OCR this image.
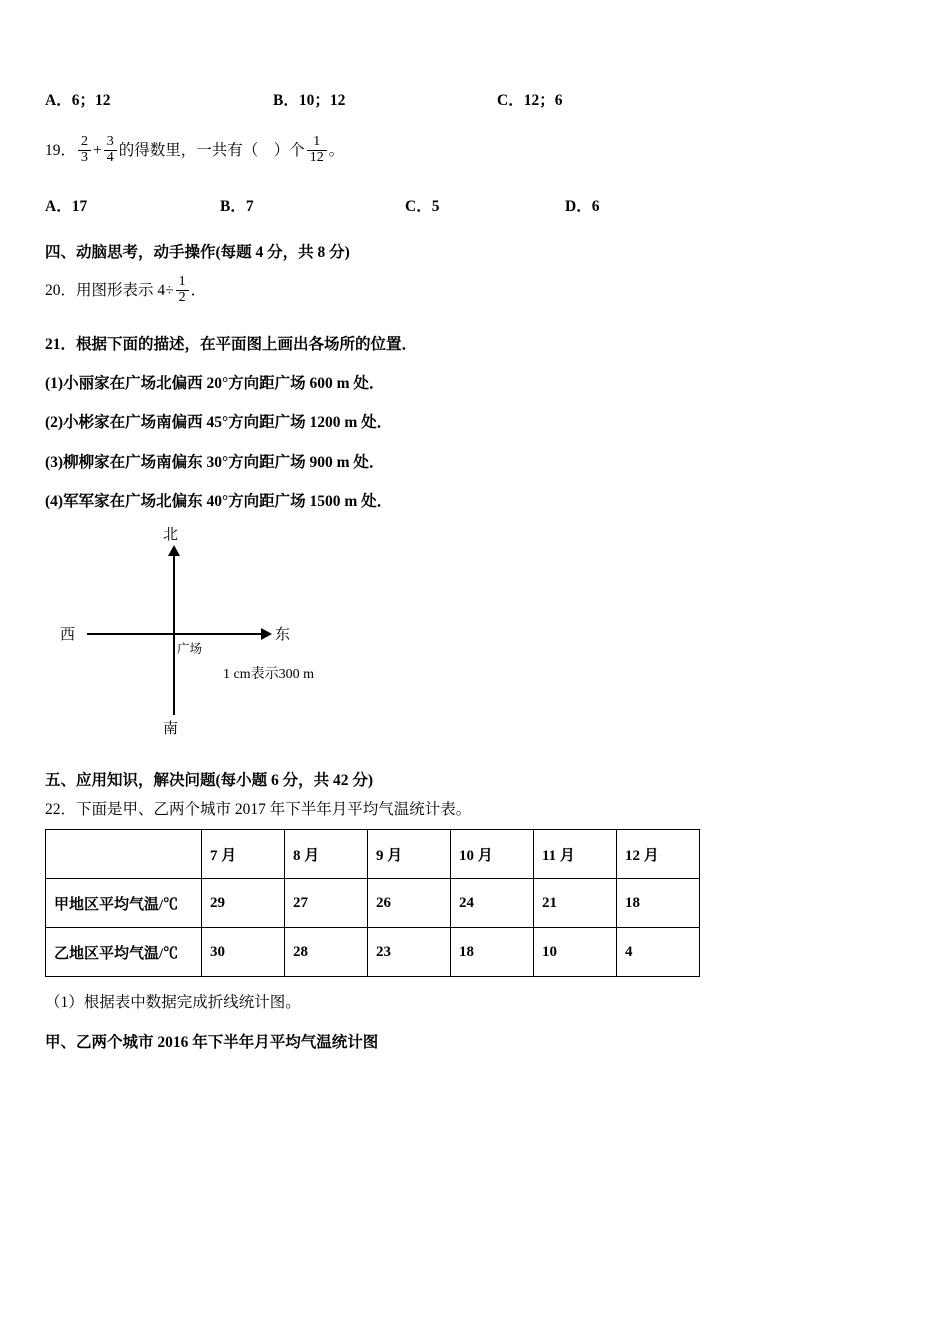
A．6；12	B．10；12	C．12；6
19． $\frac{2}{3} + \frac{3}{4}$ 的得数里，一共有（　）个 $\frac{1}{12}$ 。
A．17	B．7	C．5	D．6
四、动脑思考，动手操作(每题 4 分，共 8 分)
20．用图形表示 $4\div \frac{1}{2}$ ．
21．根据下面的描述，在平面图上画出各场所的位置．
(1)小丽家在广场北偏西 20°方向距广场 600 m 处．
(2)小彬家在广场南偏西 45°方向距广场 1200 m 处．
(3)柳柳家在广场南偏东 30°方向距广场 900 m 处．
(4)军军家在广场北偏东 40°方向距广场 1500 m 处．
北
南
西	东
广场
1 cm表示300 m
五、应用知识，解决问题(每小题 6 分，共 42 分)
22．下面是甲、乙两个城市 2017 年下半年月平均气温统计表。
	7 月	8 月	9 月	10 月	11 月	12 月
甲地区平均气温/℃	29	27	26	24	21	18
乙地区平均气温/℃	30	28	23	18	10	4
（1）根据表中数据完成折线统计图。
甲、乙两个城市 2016 年下半年月平均气温统计图
